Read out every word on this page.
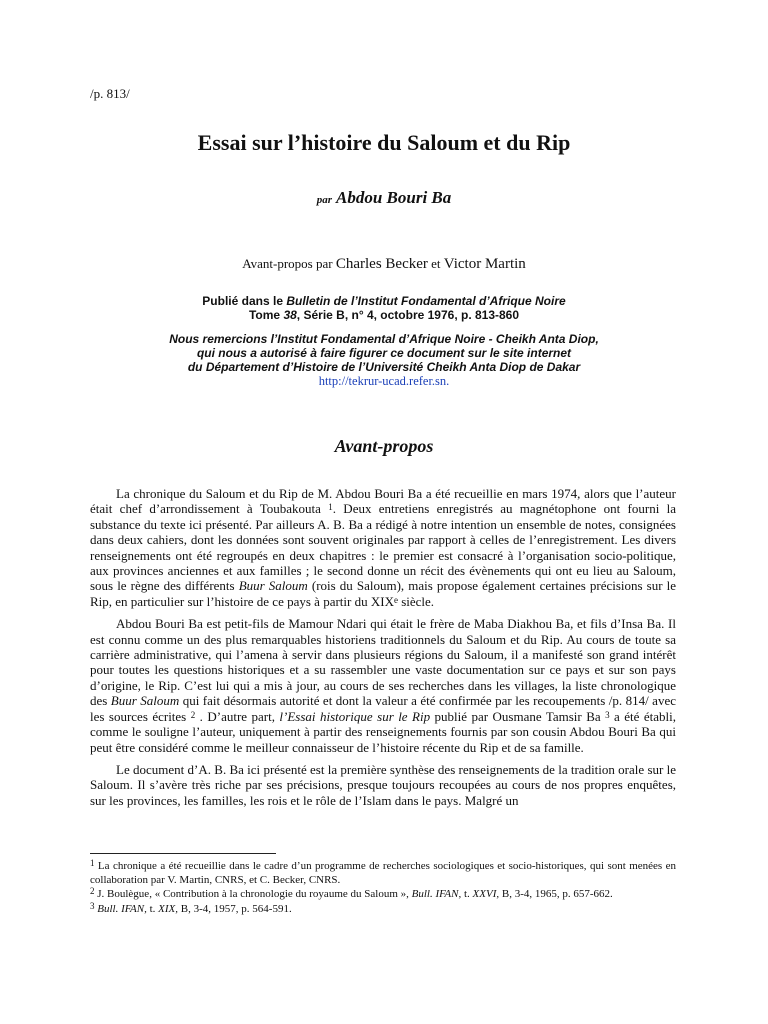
/p. 813/
Essai sur l’histoire du Saloum et du Rip
par Abdou Bouri Ba
Avant-propos par Charles Becker et Victor Martin
Publié dans le Bulletin de l’Institut Fondamental d’Afrique Noire
Tome 38, Série B, n° 4, octobre 1976, p. 813-860
Nous remercions l’Institut Fondamental d’Afrique Noire - Cheikh Anta Diop,
qui nous a autorisé à faire figurer ce document sur le site internet
du Département d’Histoire de l’Université Cheikh Anta Diop de Dakar
http://tekrur-ucad.refer.sn.
Avant-propos

La chronique du Saloum et du Rip de M. Abdou Bouri Ba a été recueillie en mars 1974, alors que l’auteur était chef d’arrondissement à Toubakouta $^1$. Deux entretiens enregistrés au magnétophone ont fourni la substance du texte ici présenté. Par ailleurs A. B. Ba a rédigé à notre intention un ensemble de notes, consignées dans deux cahiers, dont les données sont souvent originales par rapport à celles de l’enregistrement. Les divers renseignements ont été regroupés en deux chapitres : le premier est consacré à l’organisation socio-politique, aux provinces anciennes et aux familles ; le second donne un récit des évènements qui ont eu lieu au Saloum, sous le règne des différents Buur Saloum (rois du Saloum), mais propose également certaines précisions sur le Rip, en particulier sur l’histoire de ce pays à partir du XIXe siècle.

Abdou Bouri Ba est petit-fils de Mamour Ndari qui était le frère de Maba Diakhou Ba, et fils d’Insa Ba. Il est connu comme un des plus remarquables historiens traditionnels du Saloum et du Rip. Au cours de toute sa carrière administrative, qui l’amena à servir dans plusieurs régions du Saloum, il a manifesté son grand intérêt pour toutes les questions historiques et a su rassembler une vaste documentation sur ce pays et sur son pays d’origine, le Rip. C’est lui qui a mis à jour, au cours de ses recherches dans les villages, la liste chronologique des Buur Saloum qui fait désormais autorité et dont la valeur a été confirmée par les recoupements /p. 814/ avec les sources écrites $^2$ . D’autre part, l’Essai historique sur le Rip publié par Ousmane Tamsir Ba $^3$ a été établi, comme le souligne l’auteur, uniquement à partir des renseignements fournis par son cousin Abdou Bouri Ba qui peut être considéré comme le meilleur connaisseur de l’histoire récente du Rip et de sa famille.

Le document d’A. B. Ba ici présenté est la première synthèse des renseignements de la tradition orale sur le Saloum. Il s’avère très riche par ses précisions, presque toujours recoupées au cours de nos propres enquêtes, sur les provinces, les familles, les rois et le rôle de l’Islam dans le pays. Malgré un

$^1$ La chronique a été recueillie dans le cadre d’un programme de recherches sociologiques et socio-historiques, qui sont menées en collaboration par V. Martin, CNRS, et C. Becker, CNRS.

$^2$ J. Boulègue, « Contribution à la chronologie du royaume du Saloum », Bull. IFAN, t. XXVI, B, 3-4, 1965, p. 657-662.

$^3$ Bull. IFAN, t. XIX, B, 3-4, 1957, p. 564-591.
